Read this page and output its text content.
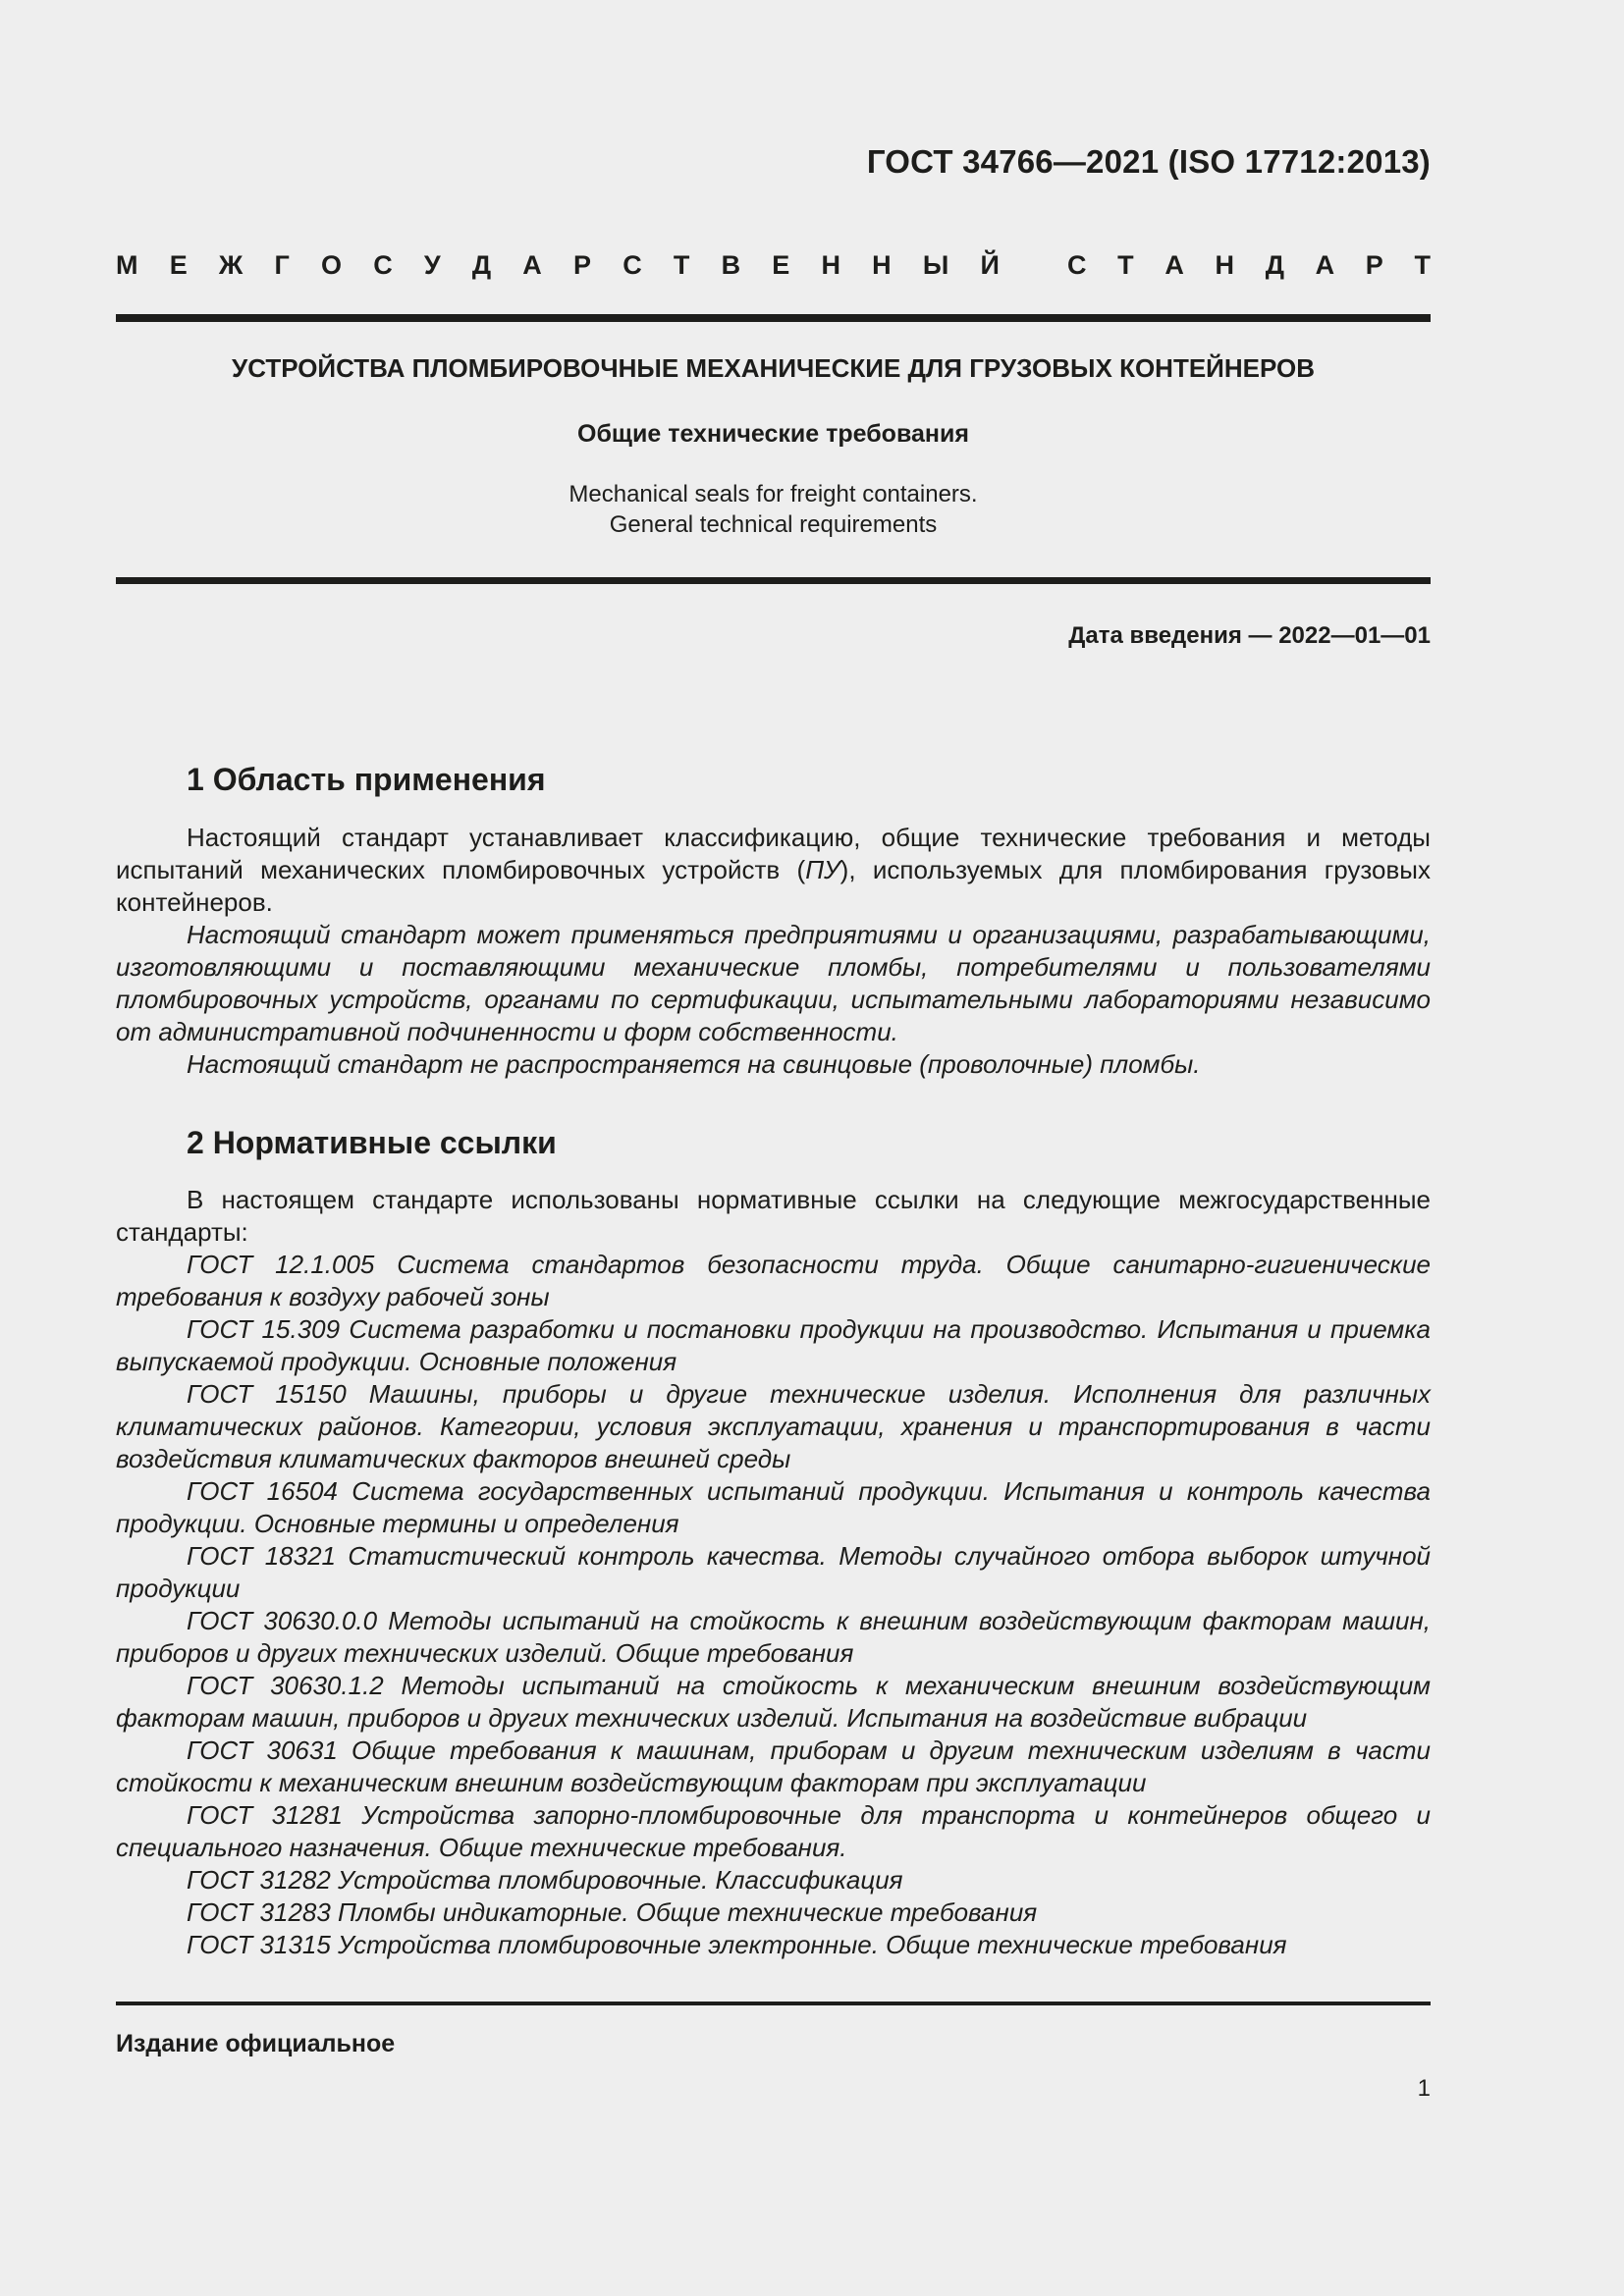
ГОСТ 34766—2021 (ISO 17712:2013)
М Е Ж Г О С У Д А Р С Т В Е Н Н Ы Й	С Т А Н Д А Р Т
УСТРОЙСТВА ПЛОМБИРОВОЧНЫЕ МЕХАНИЧЕСКИЕ ДЛЯ ГРУЗОВЫХ КОНТЕЙНЕРОВ
Общие технические требования
Mechanical seals for freight containers.
General technical requirements
Дата введения — 2022—01—01
1 Область применения

Настоящий стандарт устанавливает классификацию, общие технические требования и методы испытаний механических пломбировочных устройств (ПУ), используемых для пломбирования грузовых контейнеров.

Настоящий стандарт может применяться предприятиями и организациями, разрабатывающими, изготовляющими и поставляющими механические пломбы, потребителями и пользователями пломбировочных устройств, органами по сертификации, испытательными лабораториями независимо от административной подчиненности и форм собственности.

Настоящий стандарт не распространяется на свинцовые (проволочные) пломбы.

2 Нормативные ссылки

В настоящем стандарте использованы нормативные ссылки на следующие межгосударственные стандарты:

ГОСТ 12.1.005 Система стандартов безопасности труда. Общие санитарно-гигиенические требования к воздуху рабочей зоны

ГОСТ 15.309 Система разработки и постановки продукции на производство. Испытания и приемка выпускаемой продукции. Основные положения

ГОСТ 15150 Машины, приборы и другие технические изделия. Исполнения для различных климатических районов. Категории, условия эксплуатации, хранения и транспортирования в части воздействия климатических факторов внешней среды

ГОСТ 16504 Система государственных испытаний продукции. Испытания и контроль качества продукции. Основные термины и определения

ГОСТ 18321 Статистический контроль качества. Методы случайного отбора выборок штучной продукции

ГОСТ 30630.0.0 Методы испытаний на стойкость к внешним воздействующим факторам машин, приборов и других технических изделий. Общие требования

ГОСТ 30630.1.2 Методы испытаний на стойкость к механическим внешним воздействующим факторам машин, приборов и других технических изделий. Испытания на воздействие вибрации

ГОСТ 30631 Общие требования к машинам, приборам и другим техническим изделиям в части стойкости к механическим внешним воздействующим факторам при эксплуатации

ГОСТ 31281 Устройства запорно-пломбировочные для транспорта и контейнеров общего и специального назначения. Общие технические требования.

ГОСТ 31282 Устройства пломбировочные. Классификация

ГОСТ 31283 Пломбы индикаторные. Общие технические требования

ГОСТ 31315 Устройства пломбировочные электронные. Общие технические требования

Издание официальное
1
